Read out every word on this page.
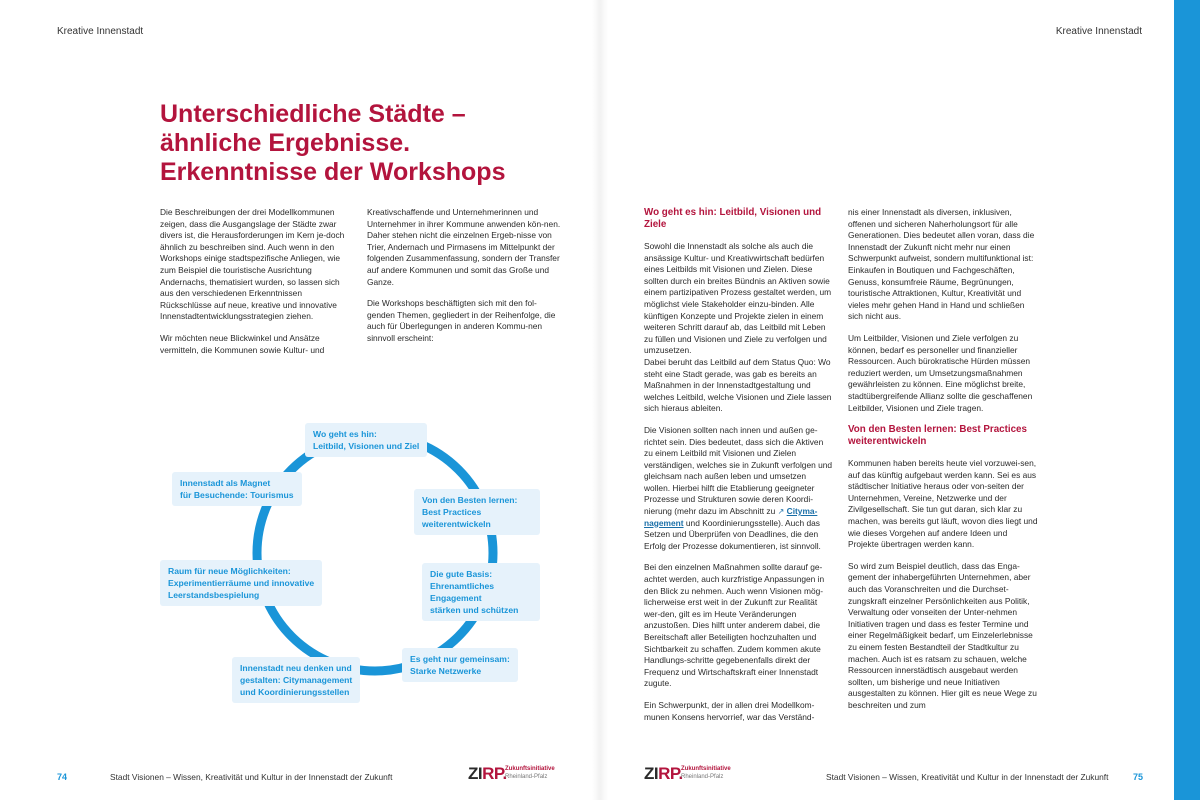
Kreative Innenstadt	Kreative Innenstadt
Unterschiedliche Städte –
ähnliche Ergebnisse.
Erkenntnisse der Workshops

Die Beschreibungen der drei Modellkommunen zeigen, dass die Ausgangslage der Städte zwar divers ist, die Herausforderungen im Kern je-doch ähnlich zu beschreiben sind. Auch wenn in den Workshops einige stadtspezifische Anliegen, wie zum Beispiel die touristische Ausrichtung Andernachs, thematisiert wurden, so lassen sich aus den verschiedenen Erkenntnissen Rückschlüsse auf neue, kreative und innovative Innenstadtentwicklungsstrategien ziehen.

Wir möchten neue Blickwinkel und Ansätze vermitteln, die Kommunen sowie Kultur- und

Kreativschaffende und Unternehmerinnen und Unternehmer in ihrer Kommune anwenden kön-nen. Daher stehen nicht die einzelnen Ergeb-nisse von Trier, Andernach und Pirmasens im Mittelpunkt der folgenden Zusammenfassung, sondern der Transfer auf andere Kommunen und somit das Große und Ganze.

Die Workshops beschäftigten sich mit den fol-genden Themen, gegliedert in der Reihenfolge, die auch für Überlegungen in anderen Kommu-nen sinnvoll erscheint:

Wo geht es hin:
Leitbild, Visionen und Ziel
Von den Besten lernen:
Best Practices weiterentwickeln
Die gute Basis:
Ehrenamtliches Engagement
stärken und schützen
Es geht nur gemeinsam:
Starke Netzwerke
Innenstadt neu denken und
gestalten: Citymanagement
und Koordinierungsstellen
Raum für neue Möglichkeiten:
Experimentierräume und innovative
Leerstandsbespielung
Innenstadt als Magnet
für Besuchende: Tourismus
Wo geht es hin: Leitbild, Visionen und Ziele

Sowohl die Innenstadt als solche als auch die ansässige Kultur- und Kreativwirtschaft bedürfen eines Leitbilds mit Visionen und Zielen. Diese sollten durch ein breites Bündnis an Aktiven sowie einem partizipativen Prozess gestaltet werden, um möglichst viele Stakeholder einzu-binden. Alle künftigen Konzepte und Projekte zielen in einem weiteren Schritt darauf ab, das Leitbild mit Leben zu füllen und Visionen und Ziele zu verfolgen und umzusetzen.

Dabei beruht das Leitbild auf dem Status Quo: Wo steht eine Stadt gerade, was gab es bereits an Maßnahmen in der Innenstadtgestaltung und welches Leitbild, welche Visionen und Ziele lassen sich hieraus ableiten.

Die Visionen sollten nach innen und außen ge-richtet sein. Dies bedeutet, dass sich die Aktiven zu einem Leitbild mit Visionen und Zielen verständigen, welches sie in Zukunft verfolgen und gleichsam nach außen leben und umsetzen wollen. Hierbei hilft die Etablierung geeigneter Prozesse und Strukturen sowie deren Koordi-nierung (mehr dazu im Abschnitt zu ↗ Cityma-nagement und Koordinierungsstelle). Auch das Setzen und Überprüfen von Deadlines, die den Erfolg der Prozesse dokumentieren, ist sinnvoll.

Bei den einzelnen Maßnahmen sollte darauf ge-achtet werden, auch kurzfristige Anpassungen in den Blick zu nehmen. Auch wenn Visionen mög-licherweise erst weit in der Zukunft zur Realität wer-den, gilt es im Heute Veränderungen anzustoßen. Dies hilft unter anderem dabei, die Bereitschaft aller Beteiligten hochzuhalten und Sichtbarkeit zu schaffen. Zudem kommen akute Handlungs-schritte gegebenenfalls direkt der Frequenz und Wirtschaftskraft einer Innenstadt zugute.

Ein Schwerpunkt, der in allen drei Modellkom-munen Konsens hervorrief, war das Verständ-

nis einer Innenstadt als diversen, inklusiven, offenen und sicheren Naherholungsort für alle Generationen. Dies bedeutet allen voran, dass die Innenstadt der Zukunft nicht mehr nur einen Schwerpunkt aufweist, sondern multifunktional ist: Einkaufen in Boutiquen und Fachgeschäften, Genuss, konsumfreie Räume, Begrünungen, touristische Attraktionen, Kultur, Kreativität und vieles mehr gehen Hand in Hand und schließen sich nicht aus.

Um Leitbilder, Visionen und Ziele verfolgen zu können, bedarf es personeller und finanzieller Ressourcen. Auch bürokratische Hürden müssen reduziert werden, um Umsetzungsmaßnahmen gewährleisten zu können. Eine möglichst breite, stadtübergreifende Allianz sollte die geschaffenen Leitbilder, Visionen und Ziele tragen.

Von den Besten lernen: Best Practices weiterentwickeln

Kommunen haben bereits heute viel vorzuwei-sen, auf das künftig aufgebaut werden kann. Sei es aus städtischer Initiative heraus oder von-seiten der Unternehmen, Vereine, Netzwerke und der Zivilgesellschaft. Sie tun gut daran, sich klar zu machen, was bereits gut läuft, wovon dies liegt und wie dieses Vorgehen auf andere Ideen und Projekte übertragen werden kann.

So wird zum Beispiel deutlich, dass das Enga-gement der inhabergeführten Unternehmen, aber auch das Voranschreiten und die Durchset-zungskraft einzelner Persönlichkeiten aus Politik, Verwaltung oder vonseiten der Unter-nehmen Initiativen tragen und dass es fester Termine und einer Regelmäßigkeit bedarf, um Einzelerlebnisse zu einem festen Bestandteil der Stadtkultur zu machen. Auch ist es ratsam zu schauen, welche Ressourcen innerstädtisch ausgebaut werden sollten, um bisherige und neue Initiativen ausgestalten zu können. Hier gilt es neue Wege zu beschreiten und zum

74	Stadt Visionen – Wissen, Kreativität und Kultur in der Innenstadt der Zukunft	ZIRP.
Zukunftsinitiative
Rheinland-Pfalz	ZIRP.
Zukunftsinitiative
Rheinland-Pfalz	Stadt Visionen – Wissen, Kreativität und Kultur in der Innenstadt der Zukunft	75
